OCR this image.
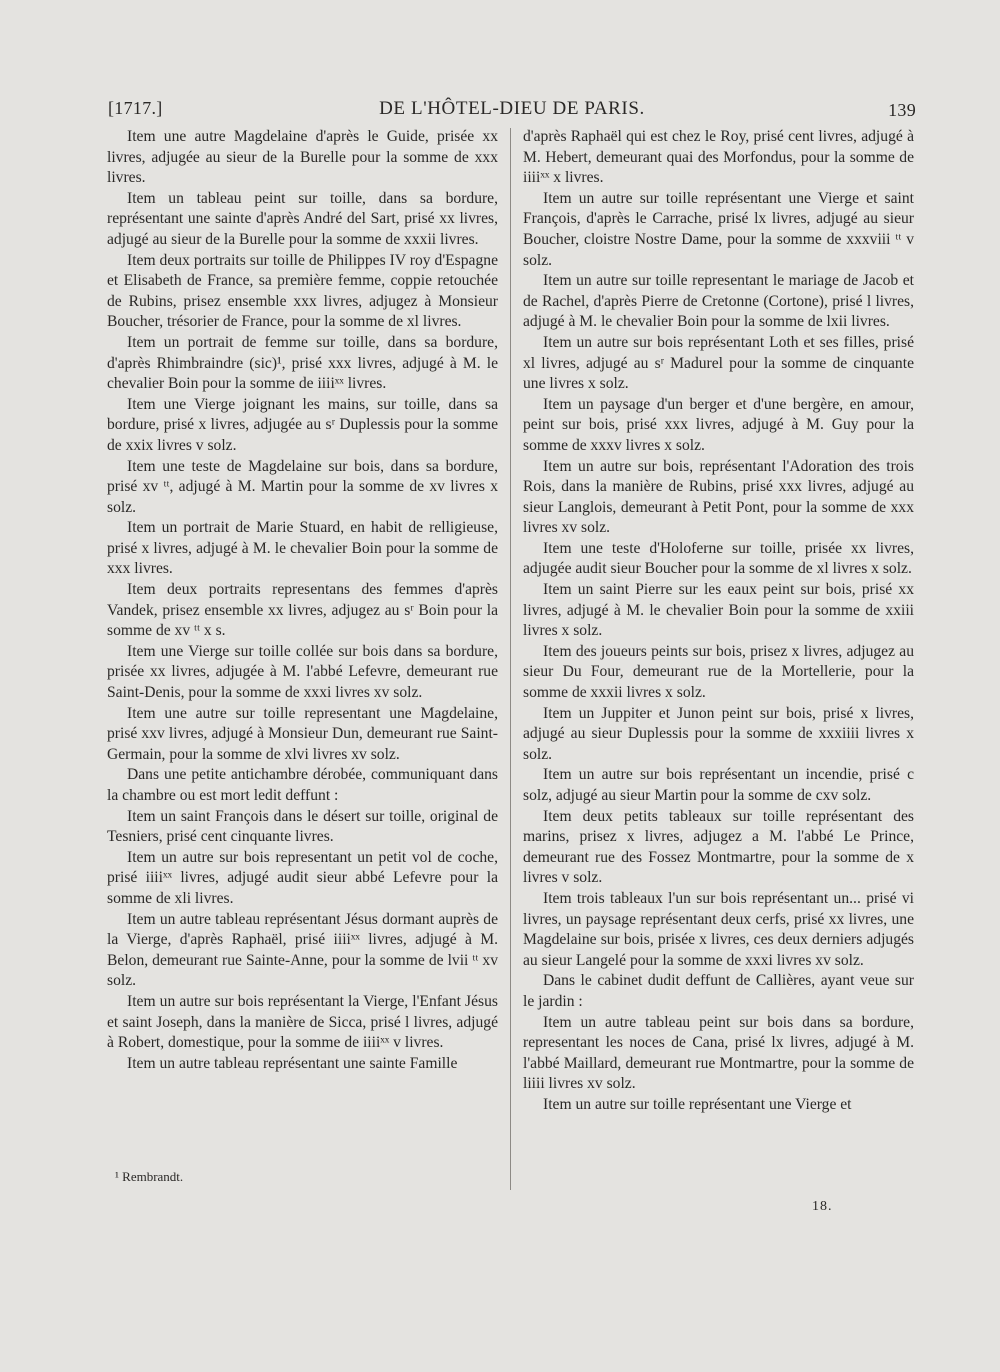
[1717.]	DE L'HÔTEL-DIEU DE PARIS.	139

Item une autre Magdelaine d'après le Guide, prisée xx livres, adjugée au sieur de la Burelle pour la somme de xxx livres.

Item un tableau peint sur toille, dans sa bordure, représentant une sainte d'après André del Sart, prisé xx livres, adjugé au sieur de la Burelle pour la somme de xxxii livres.

Item deux portraits sur toille de Philippes IV roy d'Espagne et Elisabeth de France, sa première femme, coppie retouchée de Rubins, prisez ensemble xxx livres, adjugez à Monsieur Boucher, trésorier de France, pour la somme de xl livres.

Item un portrait de femme sur toille, dans sa bordure, d'après Rhimbraindre (sic)¹, prisé xxx livres, adjugé à M. le chevalier Boin pour la somme de iiiiˣˣ livres.

Item une Vierge joignant les mains, sur toille, dans sa bordure, prisé x livres, adjugée au sʳ Duplessis pour la somme de xxix livres v solz.

Item une teste de Magdelaine sur bois, dans sa bordure, prisé xv ᵗᵗ, adjugé à M. Martin pour la somme de xv livres x solz.

Item un portrait de Marie Stuard, en habit de relligieuse, prisé x livres, adjugé à M. le chevalier Boin pour la somme de xxx livres.

Item deux portraits representans des femmes d'après Vandek, prisez ensemble xx livres, adjugez au sʳ Boin pour la somme de xv ᵗᵗ x s.

Item une Vierge sur toille collée sur bois dans sa bordure, prisée xx livres, adjugée à M. l'abbé Lefevre, demeurant rue Saint-Denis, pour la somme de xxxi livres xv solz.

Item une autre sur toille representant une Magdelaine, prisé xxv livres, adjugé à Monsieur Dun, demeurant rue Saint-Germain, pour la somme de xlvi livres xv solz.

Dans une petite antichambre dérobée, communiquant dans la chambre ou est mort ledit deffunt :

Item un saint François dans le désert sur toille, original de Tesniers, prisé cent cinquante livres.

Item un autre sur bois representant un petit vol de coche, prisé iiiiˣˣ livres, adjugé audit sieur abbé Lefevre pour la somme de xli livres.

Item un autre tableau représentant Jésus dormant auprès de la Vierge, d'après Raphaël, prisé iiiiˣˣ livres, adjugé à M. Belon, demeurant rue Sainte-Anne, pour la somme de lvii ᵗᵗ xv solz.

Item un autre sur bois représentant la Vierge, l'Enfant Jésus et saint Joseph, dans la manière de Sicca, prisé l livres, adjugé à Robert, domestique, pour la somme de iiiiˣˣ v livres.

Item un autre tableau représentant une sainte Famille

d'après Raphaël qui est chez le Roy, prisé cent livres, adjugé à M. Hebert, demeurant quai des Morfondus, pour la somme de iiiiˣˣ x livres.

Item un autre sur toille représentant une Vierge et saint François, d'après le Carrache, prisé lx livres, adjugé au sieur Boucher, cloistre Nostre Dame, pour la somme de xxxviii ᵗᵗ v solz.

Item un autre sur toille representant le mariage de Jacob et de Rachel, d'après Pierre de Cretonne (Cortone), prisé l livres, adjugé à M. le chevalier Boin pour la somme de lxii livres.

Item un autre sur bois représentant Loth et ses filles, prisé xl livres, adjugé au sʳ Madurel pour la somme de cinquante une livres x solz.

Item un paysage d'un berger et d'une bergère, en amour, peint sur bois, prisé xxx livres, adjugé à M. Guy pour la somme de xxxv livres x solz.

Item un autre sur bois, représentant l'Adoration des trois Rois, dans la manière de Rubins, prisé xxx livres, adjugé au sieur Langlois, demeurant à Petit Pont, pour la somme de xxx livres xv solz.

Item une teste d'Holoferne sur toille, prisée xx livres, adjugée audit sieur Boucher pour la somme de xl livres x solz.

Item un saint Pierre sur les eaux peint sur bois, prisé xx livres, adjugé à M. le chevalier Boin pour la somme de xxiii livres x solz.

Item des joueurs peints sur bois, prisez x livres, adjugez au sieur Du Four, demeurant rue de la Mortellerie, pour la somme de xxxii livres x solz.

Item un Juppiter et Junon peint sur bois, prisé x livres, adjugé au sieur Duplessis pour la somme de xxxiiii livres x solz.

Item un autre sur bois représentant un incendie, prisé c solz, adjugé au sieur Martin pour la somme de cxv solz.

Item deux petits tableaux sur toille représentant des marins, prisez x livres, adjugez a M. l'abbé Le Prince, demeurant rue des Fossez Montmartre, pour la somme de x livres v solz.

Item trois tableaux l'un sur bois représentant un... prisé vi livres, un paysage représentant deux cerfs, prisé xx livres, une Magdelaine sur bois, prisée x livres, ces deux derniers adjugés au sieur Langelé pour la somme de xxxi livres xv solz.

Dans le cabinet dudit deffunt de Callières, ayant veue sur le jardin :

Item un autre tableau peint sur bois dans sa bordure, representant les noces de Cana, prisé lx livres, adjugé à M. l'abbé Maillard, demeurant rue Montmartre, pour la somme de liiii livres xv solz.

Item un autre sur toille représentant une Vierge et

¹ Rembrandt.
18.
